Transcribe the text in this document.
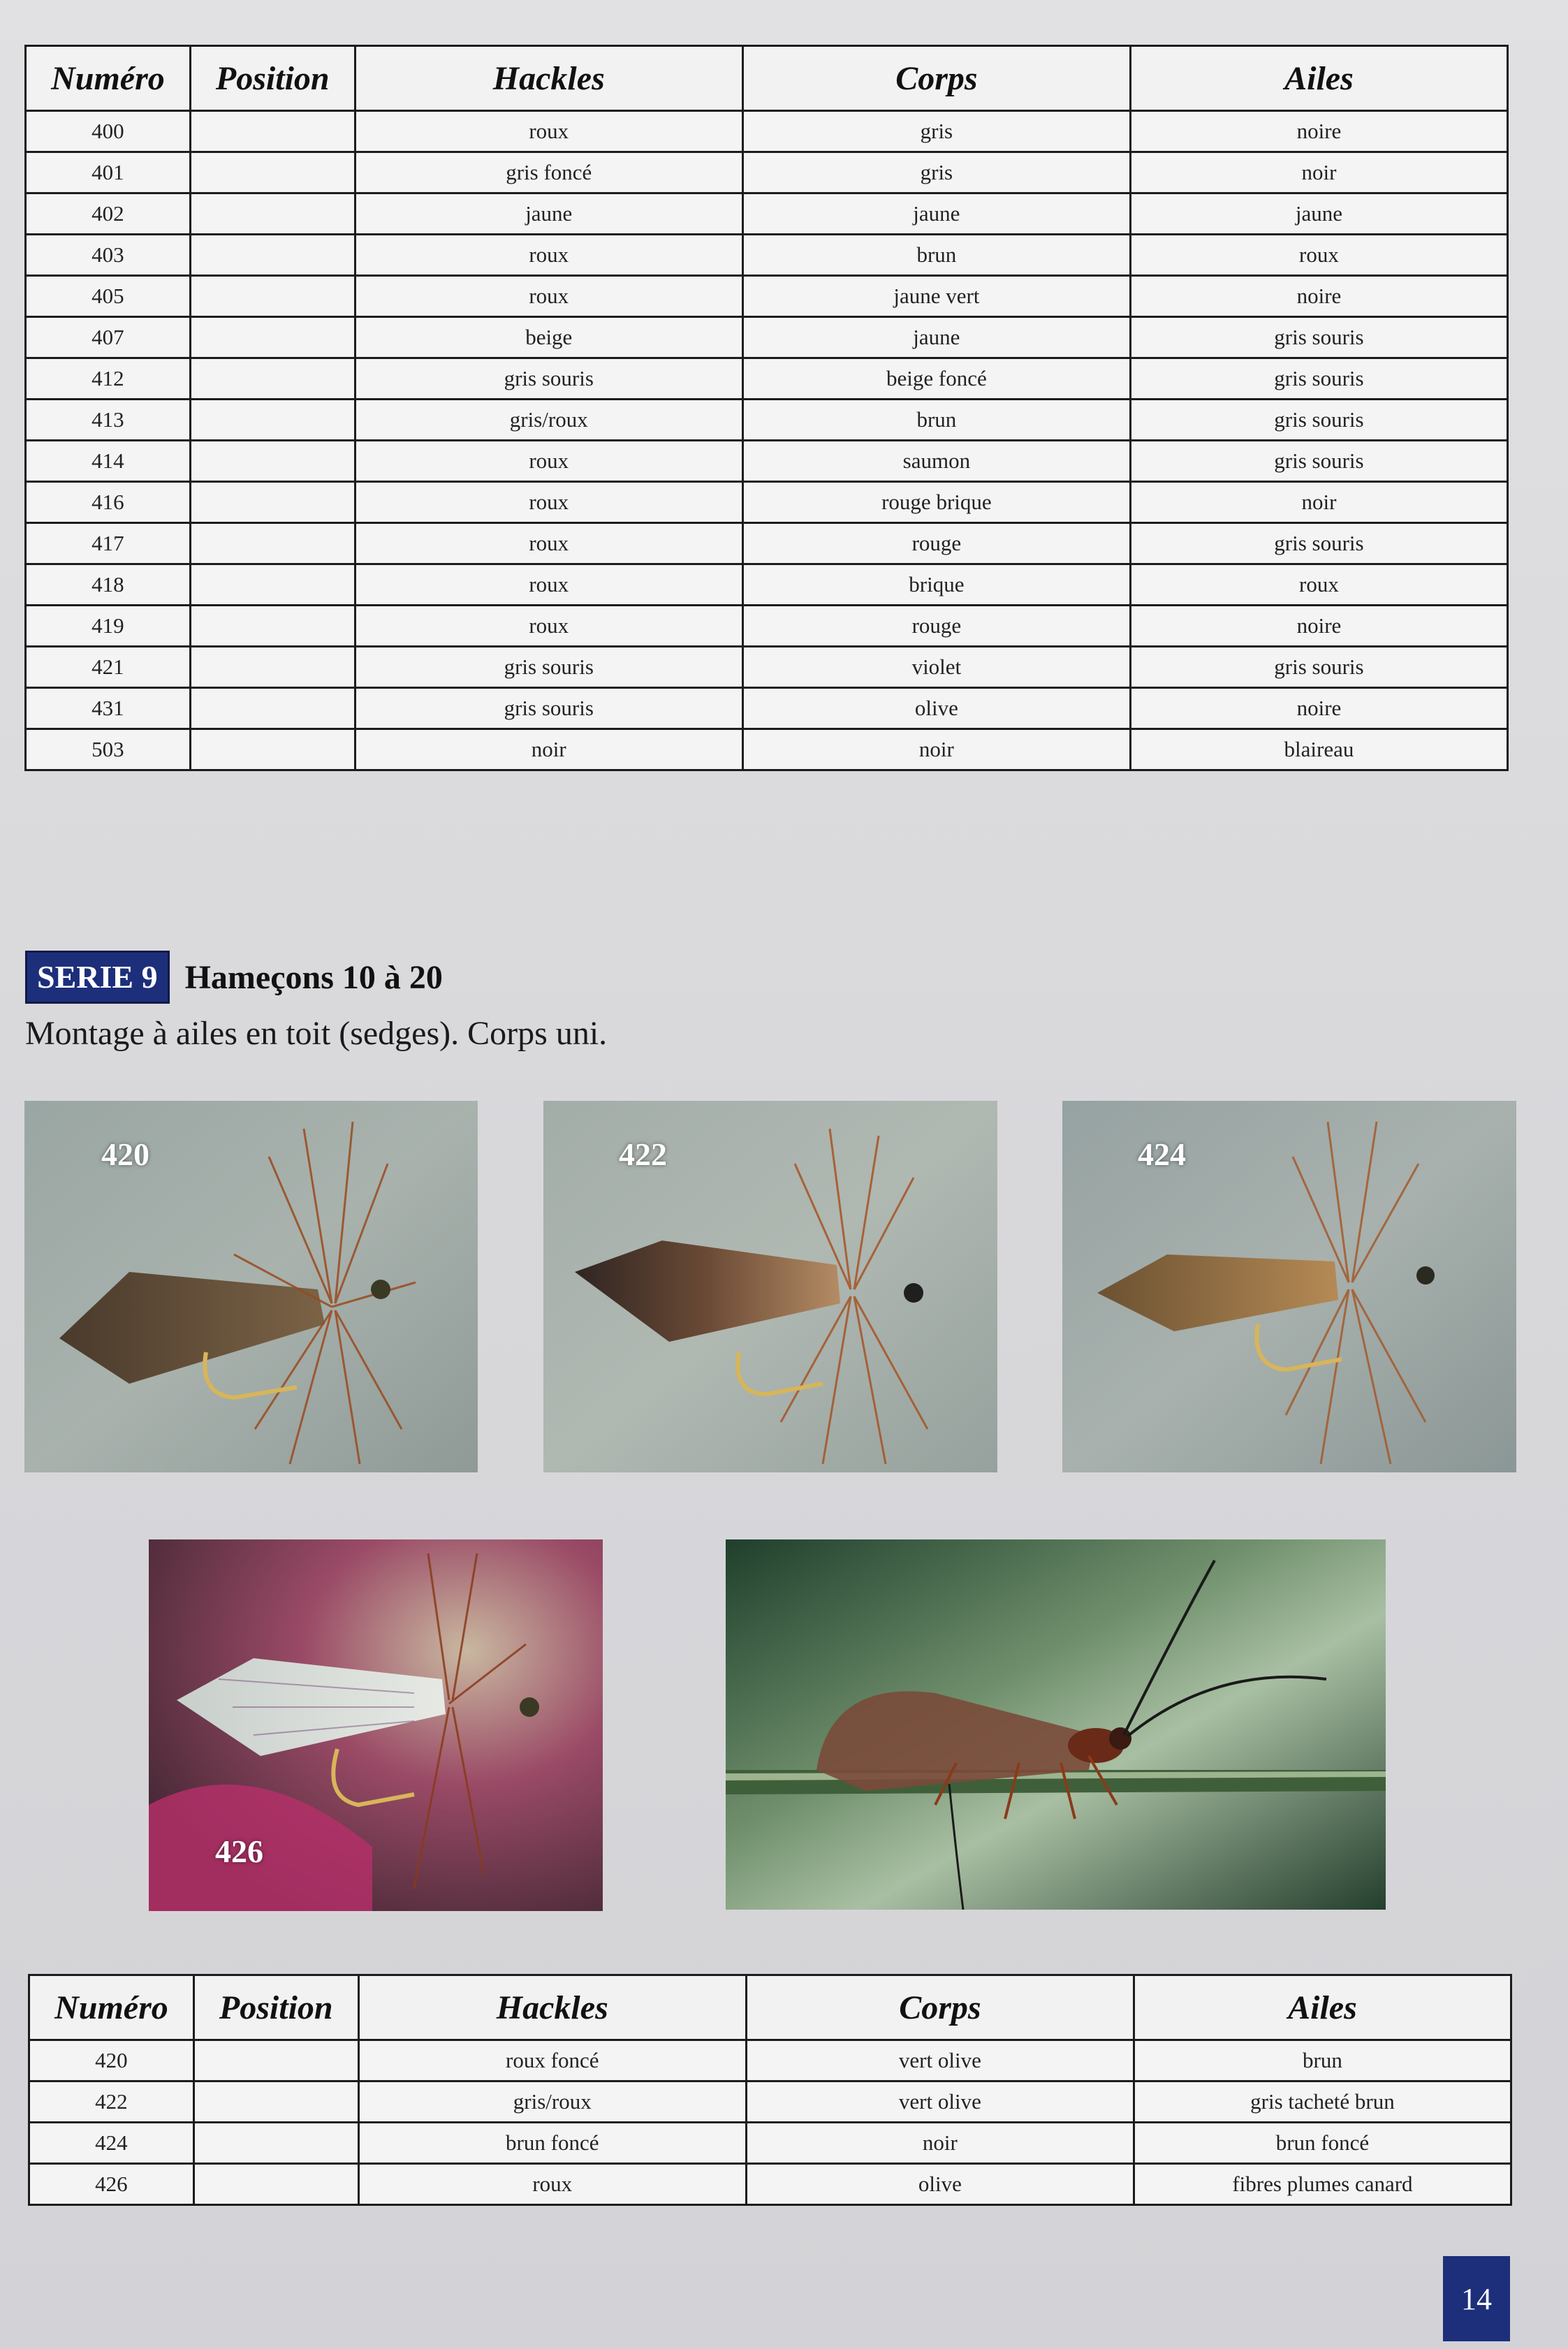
Numéro	Position	Hackles	Corps	Ailes
400		roux	gris	noire
401		gris foncé	gris	noir
402		jaune	jaune	jaune
403		roux	brun	roux
405		roux	jaune vert	noire
407		beige	jaune	gris souris
412		gris souris	beige foncé	gris souris
413		gris/roux	brun	gris souris
414		roux	saumon	gris souris
416		roux	rouge brique	noir
417		roux	rouge	gris souris
418		roux	brique	roux
419		roux	rouge	noire
421		gris souris	violet	gris souris
431		gris souris	olive	noire
503		noir	noir	blaireau
SERIE 9 Hameçons 10 à 20
Montage à ailes en toit (sedges). Corps uni.
420	422	424
426
Numéro	Position	Hackles	Corps	Ailes
420		roux foncé	vert olive	brun
422		gris/roux	vert olive	gris tacheté brun
424		brun foncé	noir	brun foncé
426		roux	olive	fibres plumes canard
14
